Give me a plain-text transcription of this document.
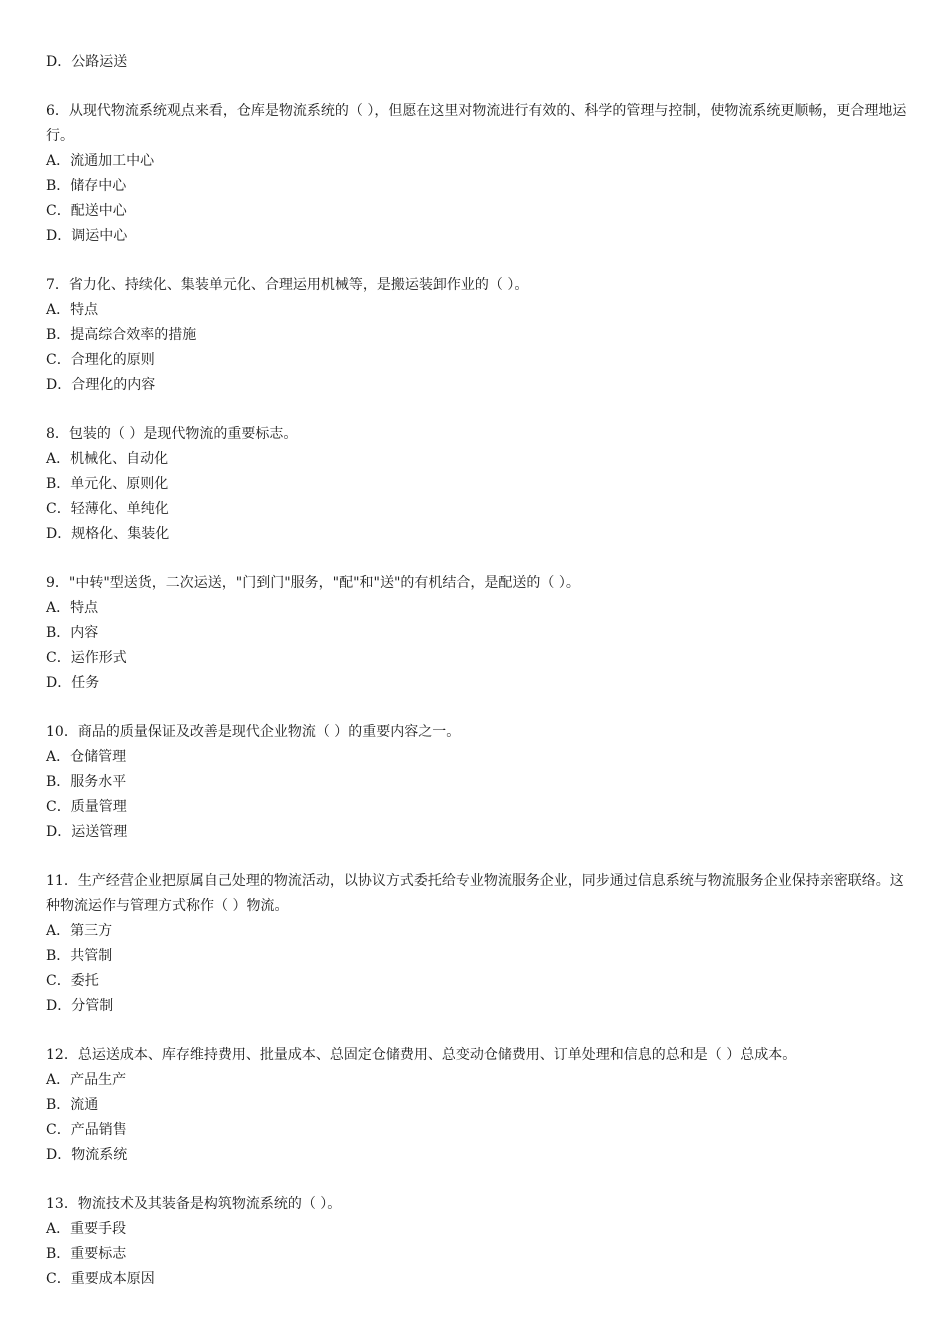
D．公路运送
6．从现代物流系统观点来看，仓库是物流系统的（ ），但愿在这里对物流进行有效的、科学的管理与控制，使物流系统更顺畅，更合理地运行。
A．流通加工中心
B．储存中心
C．配送中心
D．调运中心
7．省力化、持续化、集装单元化、合理运用机械等，是搬运装卸作业的（ ）。
A．特点
B．提高综合效率的措施
C．合理化的原则
D．合理化的内容
8．包装的（ ）是现代物流的重要标志。
A．机械化、自动化
B．单元化、原则化
C．轻薄化、单纯化
D．规格化、集装化
9．"中转"型送货，二次运送，"门到门"服务，"配"和"送"的有机结合，是配送的（ ）。
A．特点
B．内容
C．运作形式
D．任务
10．商品的质量保证及改善是现代企业物流（ ）的重要内容之一。
A．仓储管理
B．服务水平
C．质量管理
D．运送管理
11．生产经营企业把原属自己处理的物流活动，以协议方式委托给专业物流服务企业，同步通过信息系统与物流服务企业保持亲密联络。这种物流运作与管理方式称作（ ）物流。
A．第三方
B．共管制
C．委托
D．分管制
12．总运送成本、库存维持费用、批量成本、总固定仓储费用、总变动仓储费用、订单处理和信息的总和是（ ）总成本。
A．产品生产
B．流通
C．产品销售
D．物流系统
13．物流技术及其装备是构筑物流系统的（ ）。
A．重要手段
B．重要标志
C．重要成本原因
